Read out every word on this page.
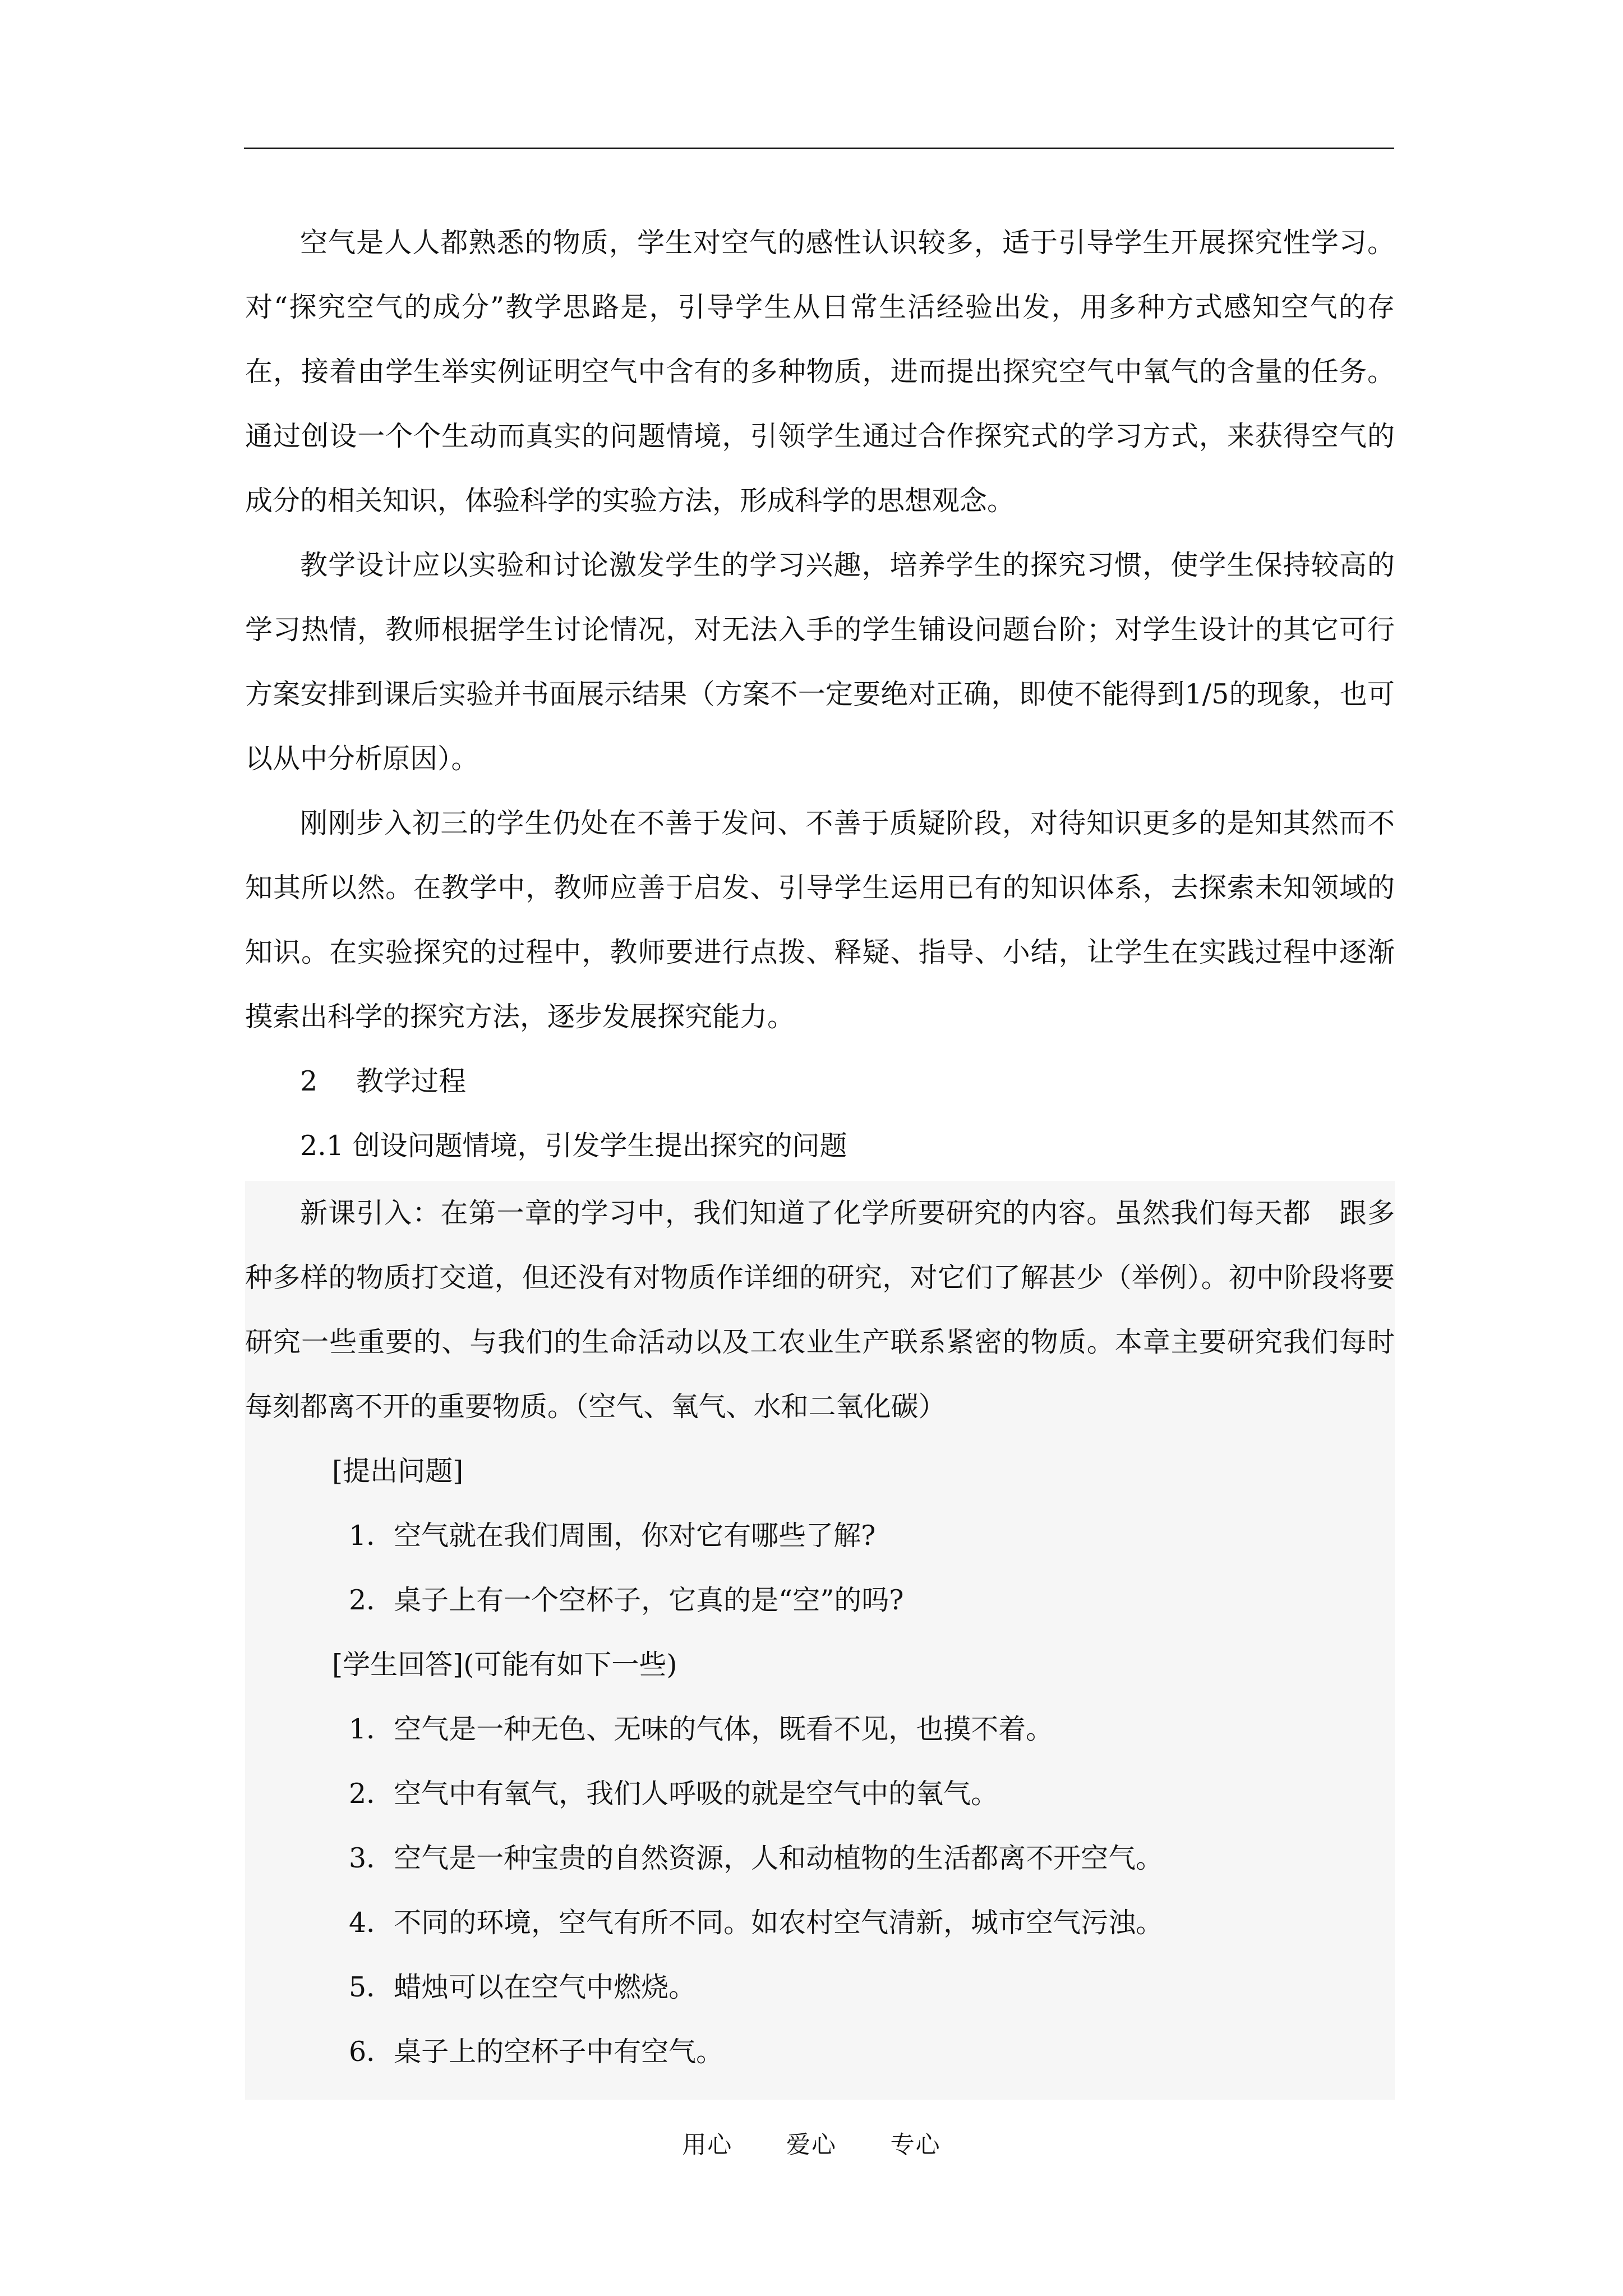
空气是人人都熟悉的物质，学生对空气的感性认识较多，适于引导学生开展探究性学习。对“探究空气的成分”教学思路是，引导学生从日常生活经验出发，用多种方式感知空气的存在，接着由学生举实例证明空气中含有的多种物质，进而提出探究空气中氧气的含量的任务。通过创设一个个生动而真实的问题情境，引领学生通过合作探究式的学习方式，来获得空气的成分的相关知识，体验科学的实验方法，形成科学的思想观念。

教学设计应以实验和讨论激发学生的学习兴趣，培养学生的探究习惯，使学生保持较高的学习热情，教师根据学生讨论情况，对无法入手的学生铺设问题台阶；对学生设计的其它可行方案安排到课后实验并书面展示结果（方案不一定要绝对正确，即使不能得到1/5的现象，也可以从中分析原因）。

刚刚步入初三的学生仍处在不善于发问、不善于质疑阶段，对待知识更多的是知其然而不知其所以然。在教学中，教师应善于启发、引导学生运用已有的知识体系，去探索未知领域的知识。在实验探究的过程中，教师要进行点拨、释疑、指导、小结，让学生在实践过程中逐渐摸索出科学的探究方法，逐步发展探究能力。

2 教学过程

2.1 创设问题情境，引发学生提出探究的问题

新课引入：在第一章的学习中，我们知道了化学所要研究的内容。虽然我们每天都　跟多种多样的物质打交道，但还没有对物质作详细的研究，对它们了解甚少（举例）。初中阶段将要研究一些重要的、与我们的生命活动以及工农业生产联系紧密的物质。本章主要研究我们每时每刻都离不开的重要物质。（空气、氧气、水和二氧化碳）

[提出问题]

1．空气就在我们周围，你对它有哪些了解?

2．桌子上有一个空杯子，它真的是“空”的吗?

[学生回答](可能有如下一些)

1．空气是一种无色、无味的气体，既看不见，也摸不着。

2．空气中有氧气，我们人呼吸的就是空气中的氧气。

3．空气是一种宝贵的自然资源，人和动植物的生活都离不开空气。

4．不同的环境，空气有所不同。如农村空气清新，城市空气污浊。

5．蜡烛可以在空气中燃烧。

6．桌子上的空杯子中有空气。

用心 爱心 专心
